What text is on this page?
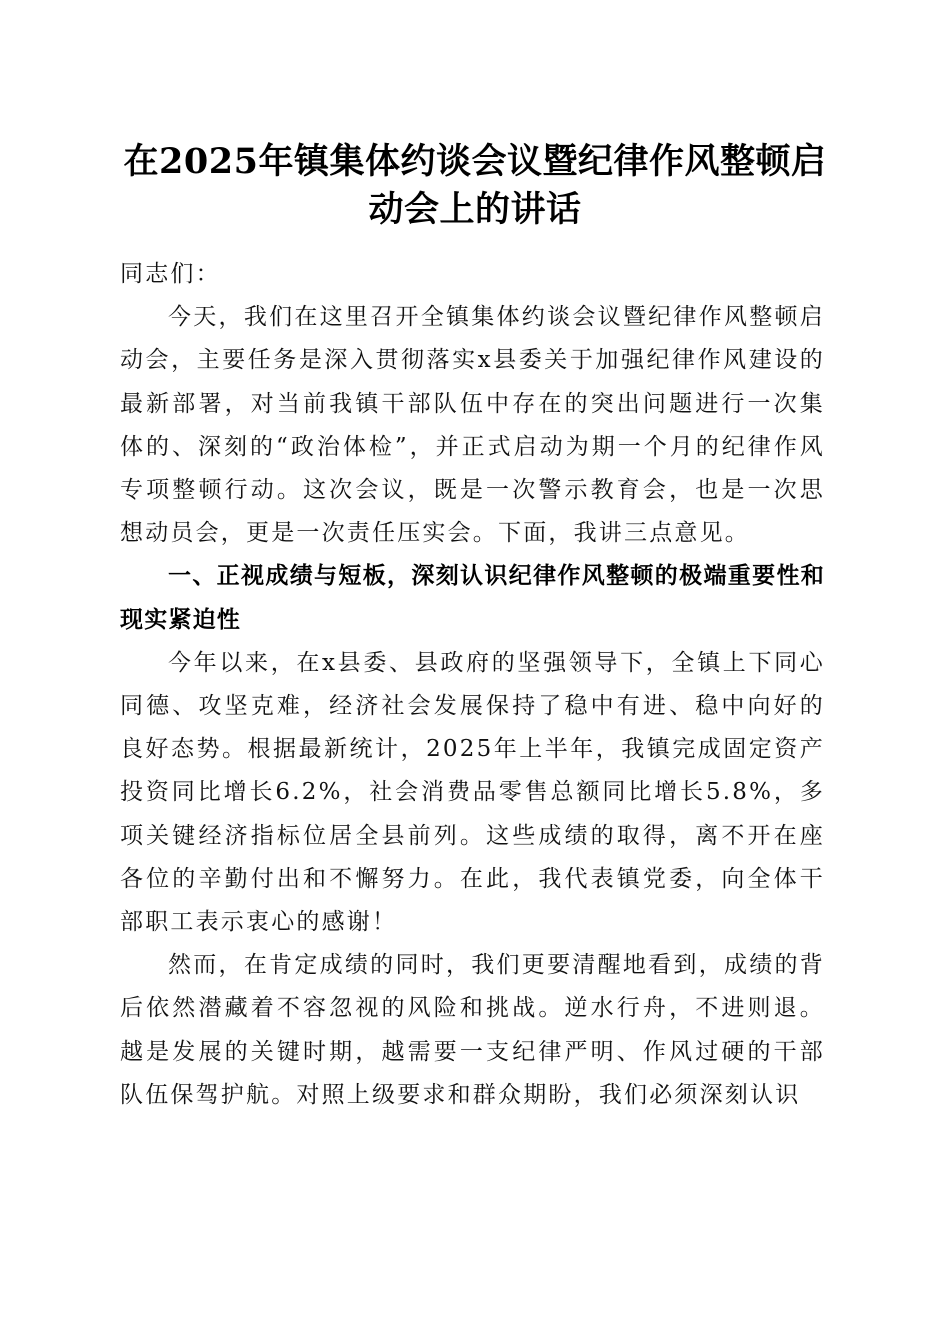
在2025年镇集体约谈会议暨纪律作风整顿启动会上的讲话

同志们：

今天，我们在这里召开全镇集体约谈会议暨纪律作风整顿启动会，主要任务是深入贯彻落实x县委关于加强纪律作风建设的最新部署，对当前我镇干部队伍中存在的突出问题进行一次集体的、深刻的“政治体检”，并正式启动为期一个月的纪律作风专项整顿行动。这次会议，既是一次警示教育会，也是一次思想动员会，更是一次责任压实会。下面，我讲三点意见。

一、正视成绩与短板，深刻认识纪律作风整顿的极端重要性和现实紧迫性

今年以来，在x县委、县政府的坚强领导下，全镇上下同心同德、攻坚克难，经济社会发展保持了稳中有进、稳中向好的良好态势。根据最新统计，2025年上半年，我镇完成固定资产投资同比增长6.2%，社会消费品零售总额同比增长5.8%，多项关键经济指标位居全县前列。这些成绩的取得，离不开在座各位的辛勤付出和不懈努力。在此，我代表镇党委，向全体干部职工表示衷心的感谢！

然而，在肯定成绩的同时，我们更要清醒地看到，成绩的背后依然潜藏着不容忽视的风险和挑战。逆水行舟，不进则退。越是发展的关键时期，越需要一支纪律严明、作风过硬的干部队伍保驾护航。对照上级要求和群众期盼，我们必须深刻认识
